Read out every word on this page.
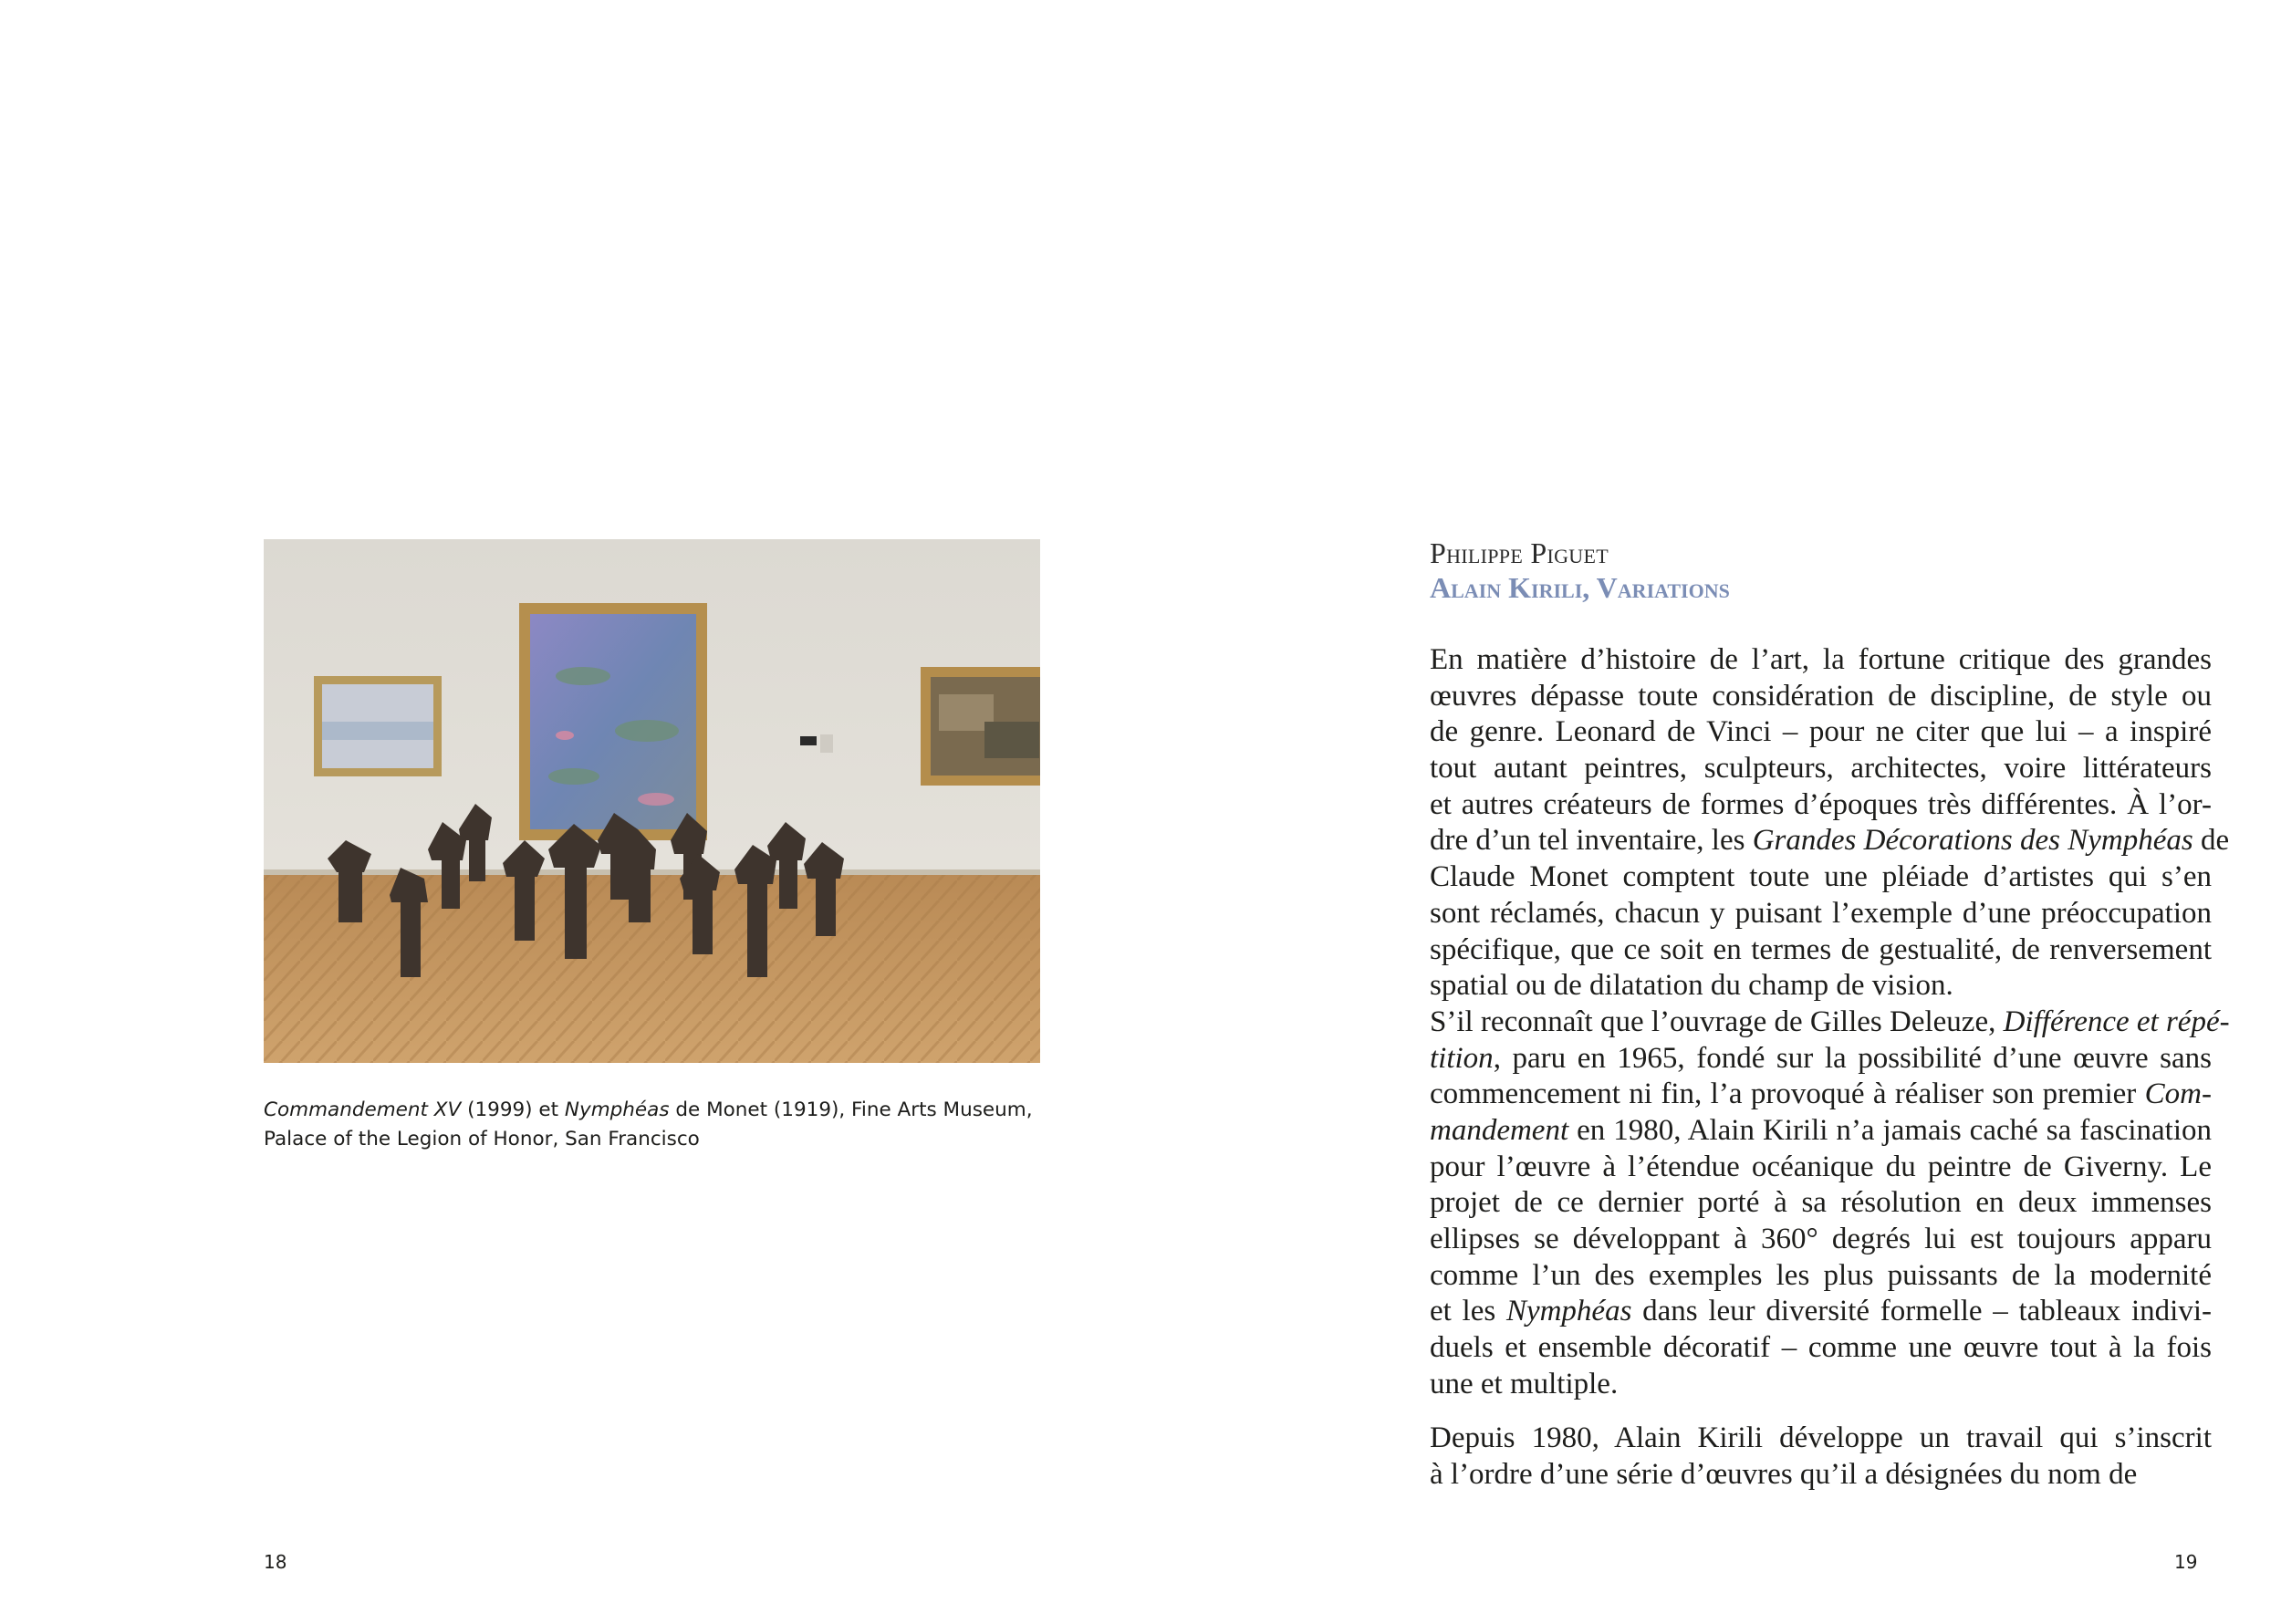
Commandement XV (1999) et Nymphéas de Monet (1919), Fine Arts Museum,
Palace of the Legion of Honor, San Francisco
18
Philippe Piguet
Alain Kirili, Variations
En matière d’histoire de l’art, la fortune critique des grandes
œuvres dépasse toute considération de discipline, de style ou
de genre. Leonard de Vinci – pour ne citer que lui – a inspiré
tout autant peintres, sculpteurs, architectes, voire littérateurs
et autres créateurs de formes d’époques très différentes. À l’or-
dre d’un tel inventaire, les Grandes Décorations des Nymphéas de
Claude Monet comptent toute une pléiade d’artistes qui s’en
sont réclamés, chacun y puisant l’exemple d’une préoccupation
spécifique, que ce soit en termes de gestualité, de renversement
spatial ou de dilatation du champ de vision.
S’il reconnaît que l’ouvrage de Gilles Deleuze, Différence et répé-
tition, paru en 1965, fondé sur la possibilité d’une œuvre sans
commencement ni fin, l’a provoqué à réaliser son premier Com-
mandement en 1980, Alain Kirili n’a jamais caché sa fascination
pour l’œuvre à l’étendue océanique du peintre de Giverny. Le
projet de ce dernier porté à sa résolution en deux immenses
ellipses se développant à 360° degrés lui est toujours apparu
comme l’un des exemples les plus puissants de la modernité
et les Nymphéas dans leur diversité formelle – tableaux indivi-
duels et ensemble décoratif – comme une œuvre tout à la fois
une et multiple.
Depuis 1980, Alain Kirili développe un travail qui s’inscrit
à l’ordre d’une série d’œuvres qu’il a désignées du nom de
19
